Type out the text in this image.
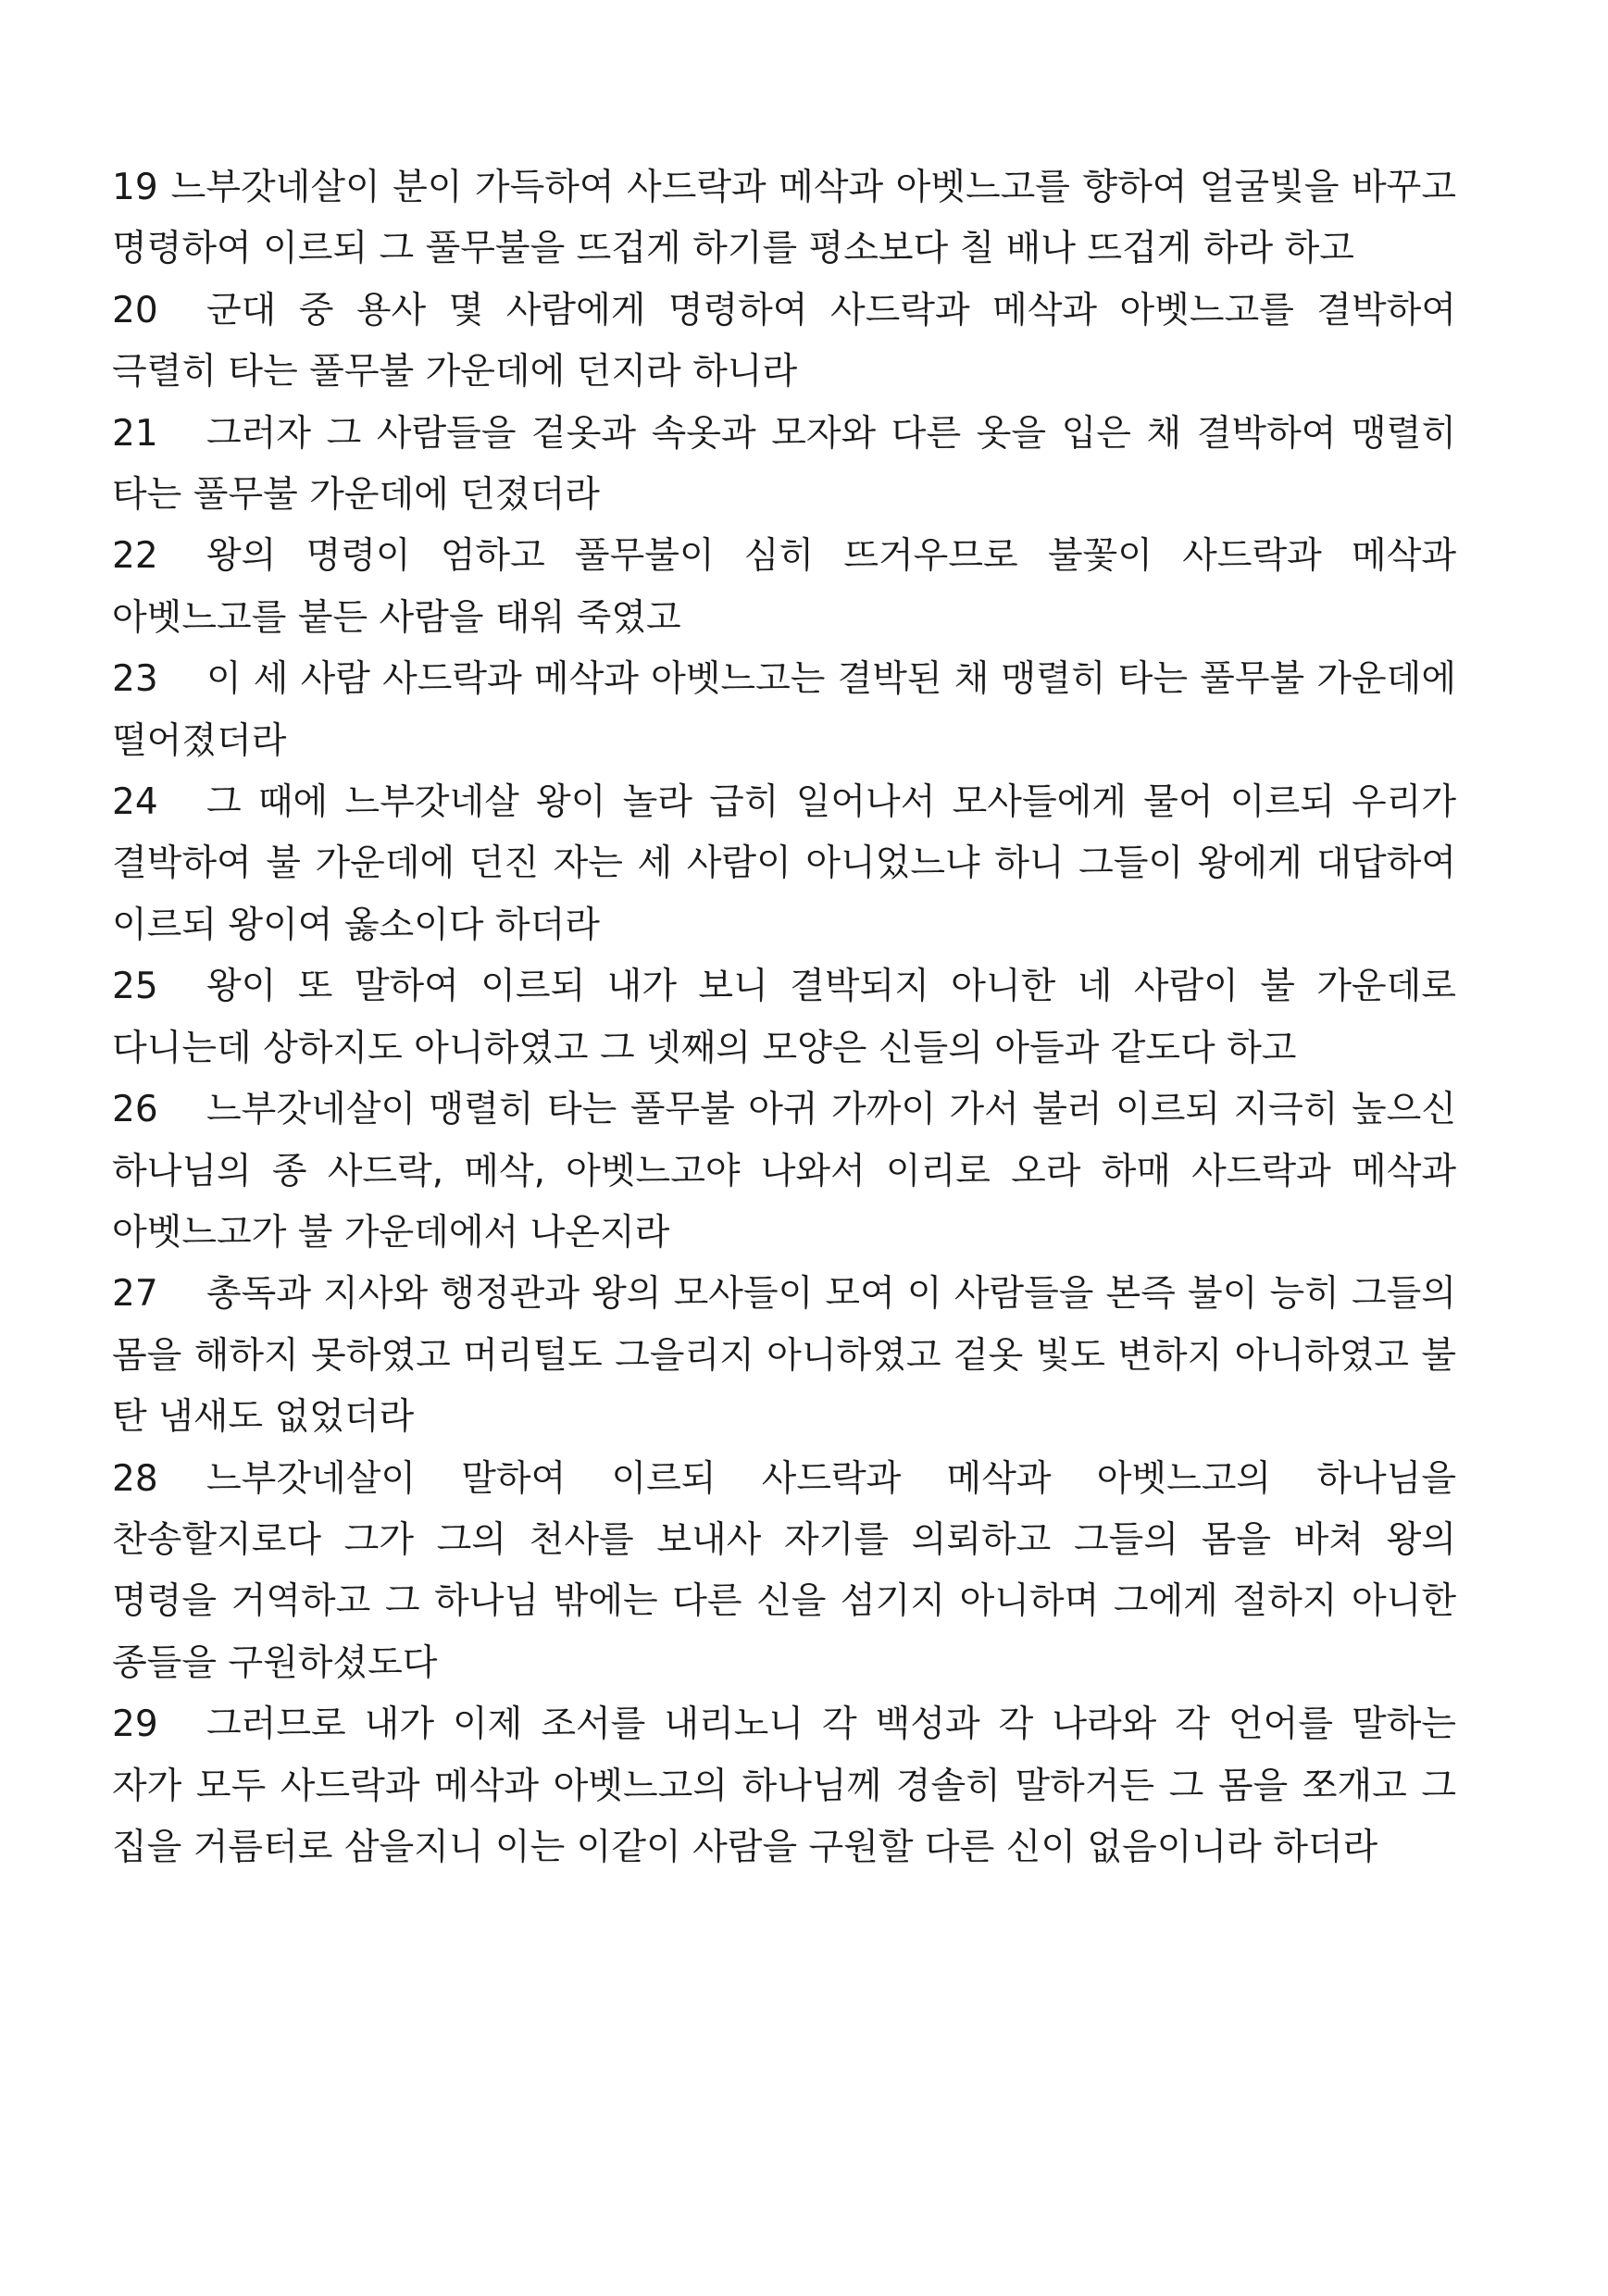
19 느부갓네살이 분이 가득하여 사드락과 메삭과 아벳느고를 향하여 얼굴빛을 바꾸고 명령하여 이르되 그 풀무불을 뜨겁게 하기를 평소보다 칠 배나 뜨겁게 하라 하고

20 군대 중 용사 몇 사람에게 명령하여 사드락과 메삭과 아벳느고를 결박하여 극렬히 타는 풀무불 가운데에 던지라 하니라

21 그러자 그 사람들을 겉옷과 속옷과 모자와 다른 옷을 입은 채 결박하여 맹렬히 타는 풀무불 가운데에 던졌더라

22 왕의 명령이 엄하고 풀무불이 심히 뜨거우므로 불꽃이 사드락과 메삭과 아벳느고를 붙든 사람을 태워 죽였고

23 이 세 사람 사드락과 메삭과 아벳느고는 결박된 채 맹렬히 타는 풀무불 가운데에 떨어졌더라

24 그 때에 느부갓네살 왕이 놀라 급히 일어나서 모사들에게 물어 이르되 우리가 결박하여 불 가운데에 던진 자는 세 사람이 아니었느냐 하니 그들이 왕에게 대답하여 이르되 왕이여 옳소이다 하더라

25 왕이 또 말하여 이르되 내가 보니 결박되지 아니한 네 사람이 불 가운데로 다니는데 상하지도 아니하였고 그 넷째의 모양은 신들의 아들과 같도다 하고

26 느부갓네살이 맹렬히 타는 풀무불 아귀 가까이 가서 불러 이르되 지극히 높으신 하나님의 종 사드락, 메삭, 아벳느고야 나와서 이리로 오라 하매 사드락과 메삭과 아벳느고가 불 가운데에서 나온지라

27 총독과 지사와 행정관과 왕의 모사들이 모여 이 사람들을 본즉 불이 능히 그들의 몸을 해하지 못하였고 머리털도 그을리지 아니하였고 겉옷 빛도 변하지 아니하였고 불 탄 냄새도 없었더라

28 느부갓네살이 말하여 이르되 사드락과 메삭과 아벳느고의 하나님을 찬송할지로다 그가 그의 천사를 보내사 자기를 의뢰하고 그들의 몸을 바쳐 왕의 명령을 거역하고 그 하나님 밖에는 다른 신을 섬기지 아니하며 그에게 절하지 아니한 종들을 구원하셨도다

29 그러므로 내가 이제 조서를 내리노니 각 백성과 각 나라와 각 언어를 말하는 자가 모두 사드락과 메삭과 아벳느고의 하나님께 경솔히 말하거든 그 몸을 쪼개고 그 집을 거름터로 삼을지니 이는 이같이 사람을 구원할 다른 신이 없음이니라 하더라
